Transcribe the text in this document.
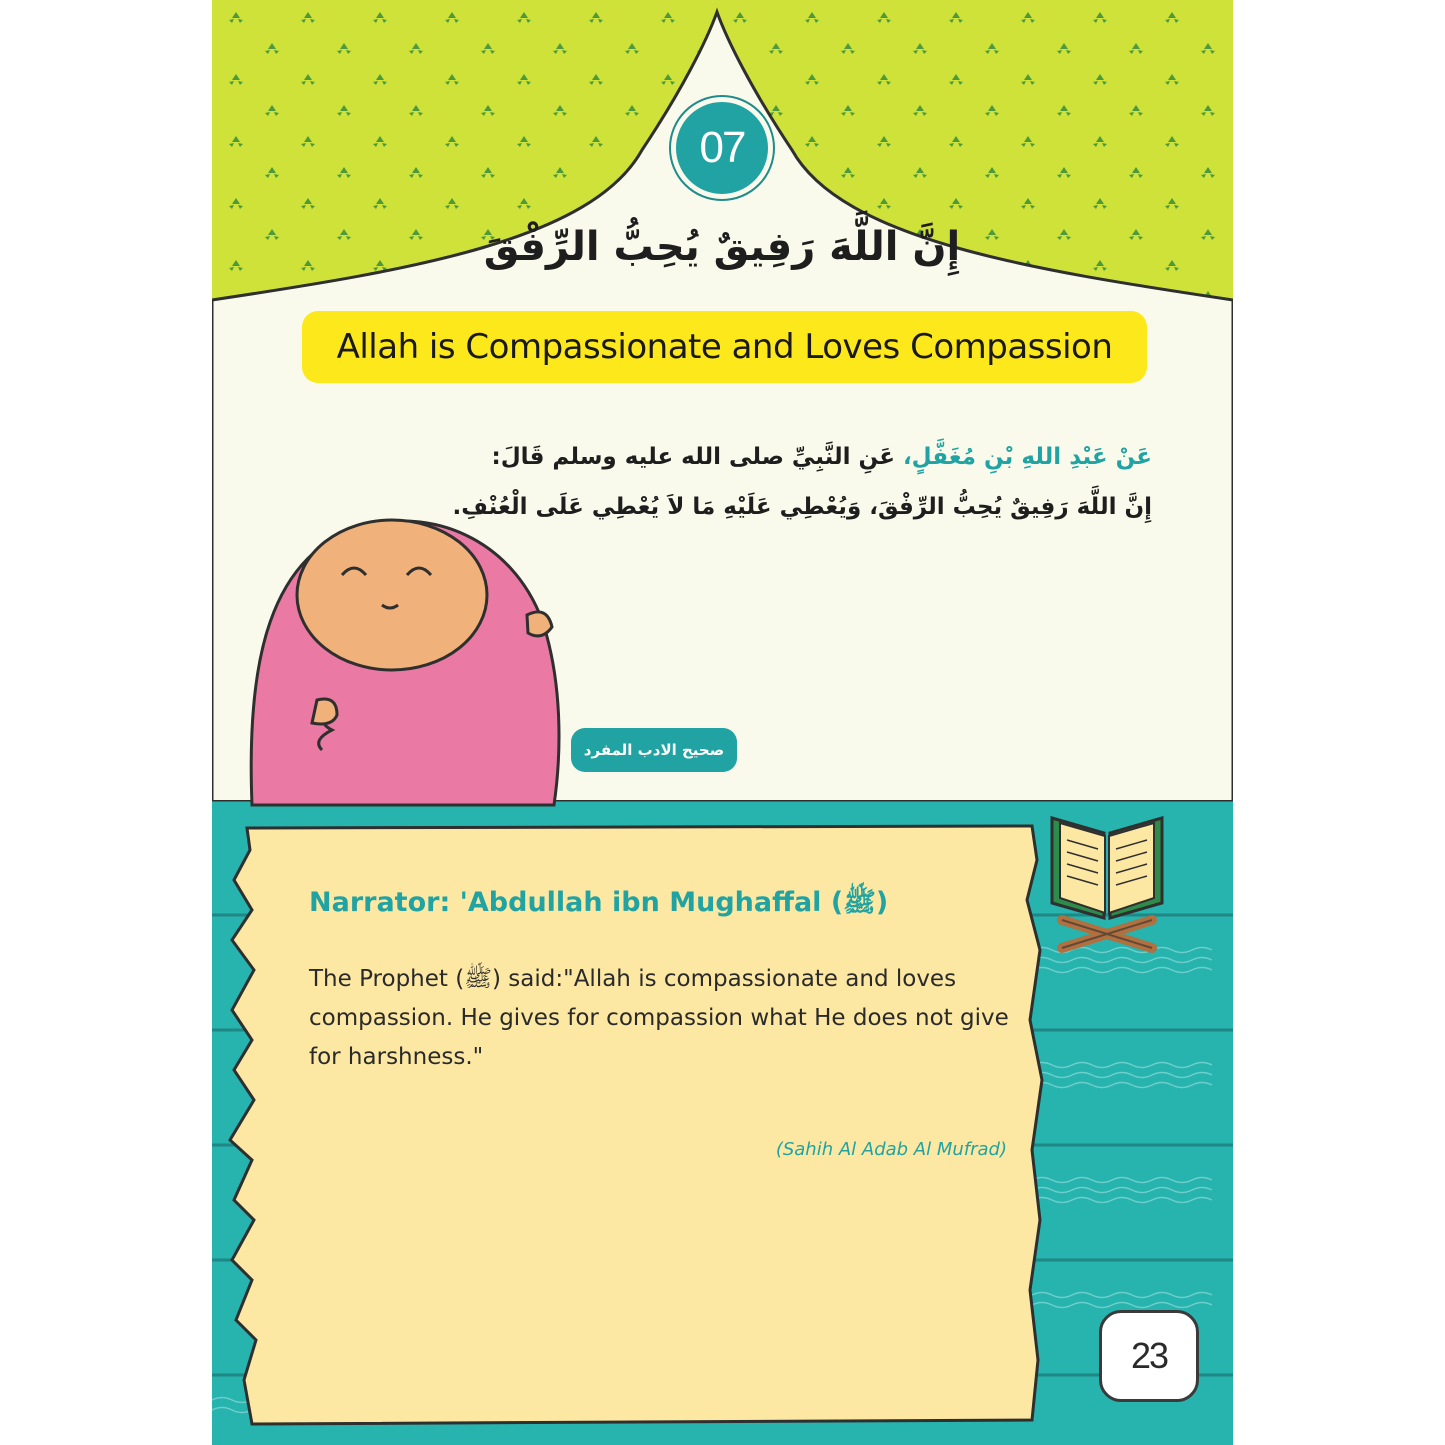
07
إِنَّ اللَّهَ رَفِيقٌ يُحِبُّ الرِّفْقَ
Allah is Compassionate and Loves Compassion
عَنْ عَبْدِ اللهِ بْنِ مُغَفَّلٍ، عَنِ النَّبِيِّ صلى الله عليه وسلم قَالَ:
إِنَّ اللَّهَ رَفِيقٌ يُحِبُّ الرِّفْقَ، وَيُعْطِي عَلَيْهِ مَا لاَ يُعْطِي عَلَى الْعُنْفِ.
صحيح الادب المفرد
Narrator: 'Abdullah ibn Mughaffal (ﷺ)
The Prophet (ﷺ) said:"Allah is compassionate and loves compassion. He gives for compassion what He does not give for harshness."
(Sahih Al Adab Al Mufrad)
23
